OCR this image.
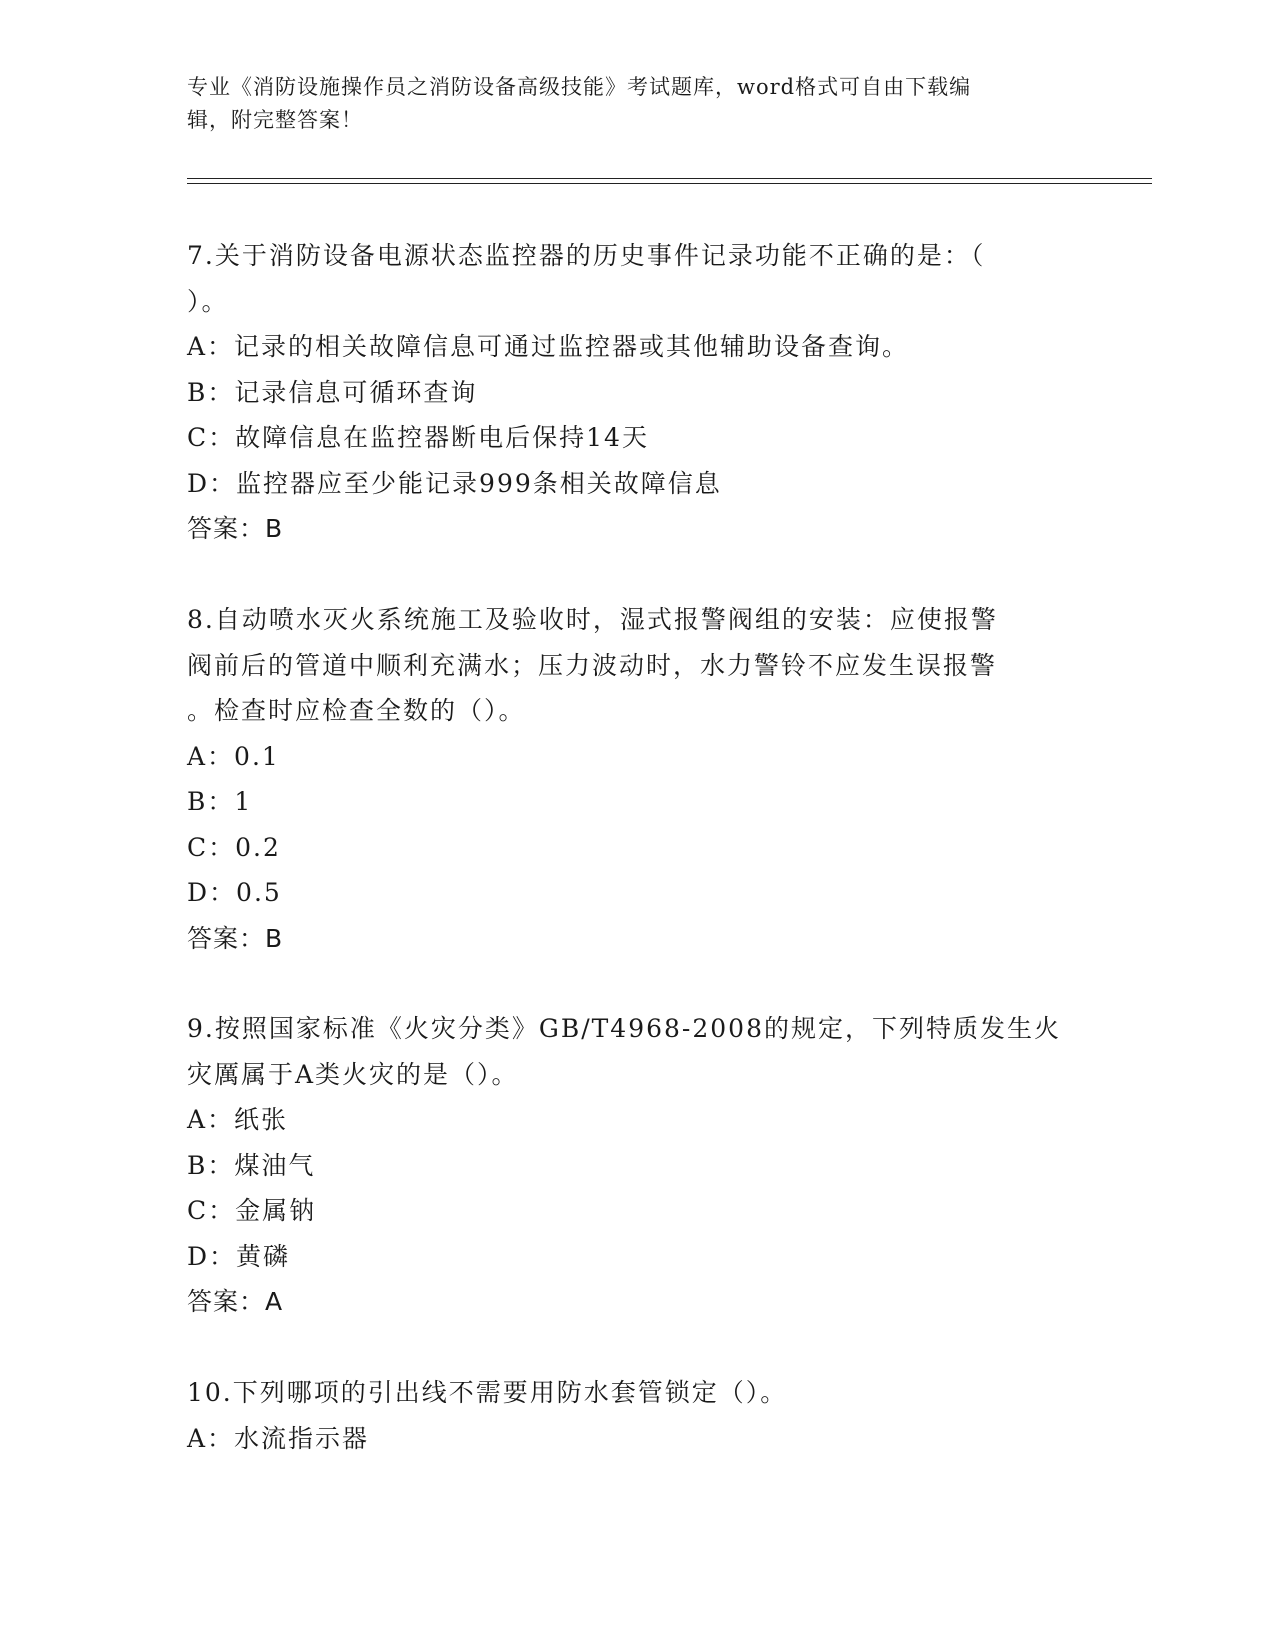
专业《消防设施操作员之消防设备高级技能》考试题库，word格式可自由下载编
辑，附完整答案！

7.关于消防设备电源状态监控器的历史事件记录功能不正确的是：（

）。

A：记录的相关故障信息可通过监控器或其他辅助设备查询。

B：记录信息可循环查询

C：故障信息在监控器断电后保持14天

D：监控器应至少能记录999条相关故障信息

答案：B

8.自动喷水灭火系统施工及验收时，湿式报警阀组的安装：应使报警

阀前后的管道中顺利充满水；压力波动时，水力警铃不应发生误报警

。检查时应检查全数的（）。

A：0.1

B：1

C：0.2

D：0.5

答案：B

9.按照国家标准《火灾分类》GB/T4968-2008的规定，下列特质发生火

灾厲属于A类火灾的是（）。

A：纸张

B：煤油气

C：金属钠

D：黄磷

答案：A

10.下列哪项的引出线不需要用防水套管锁定（）。

A：水流指示器
